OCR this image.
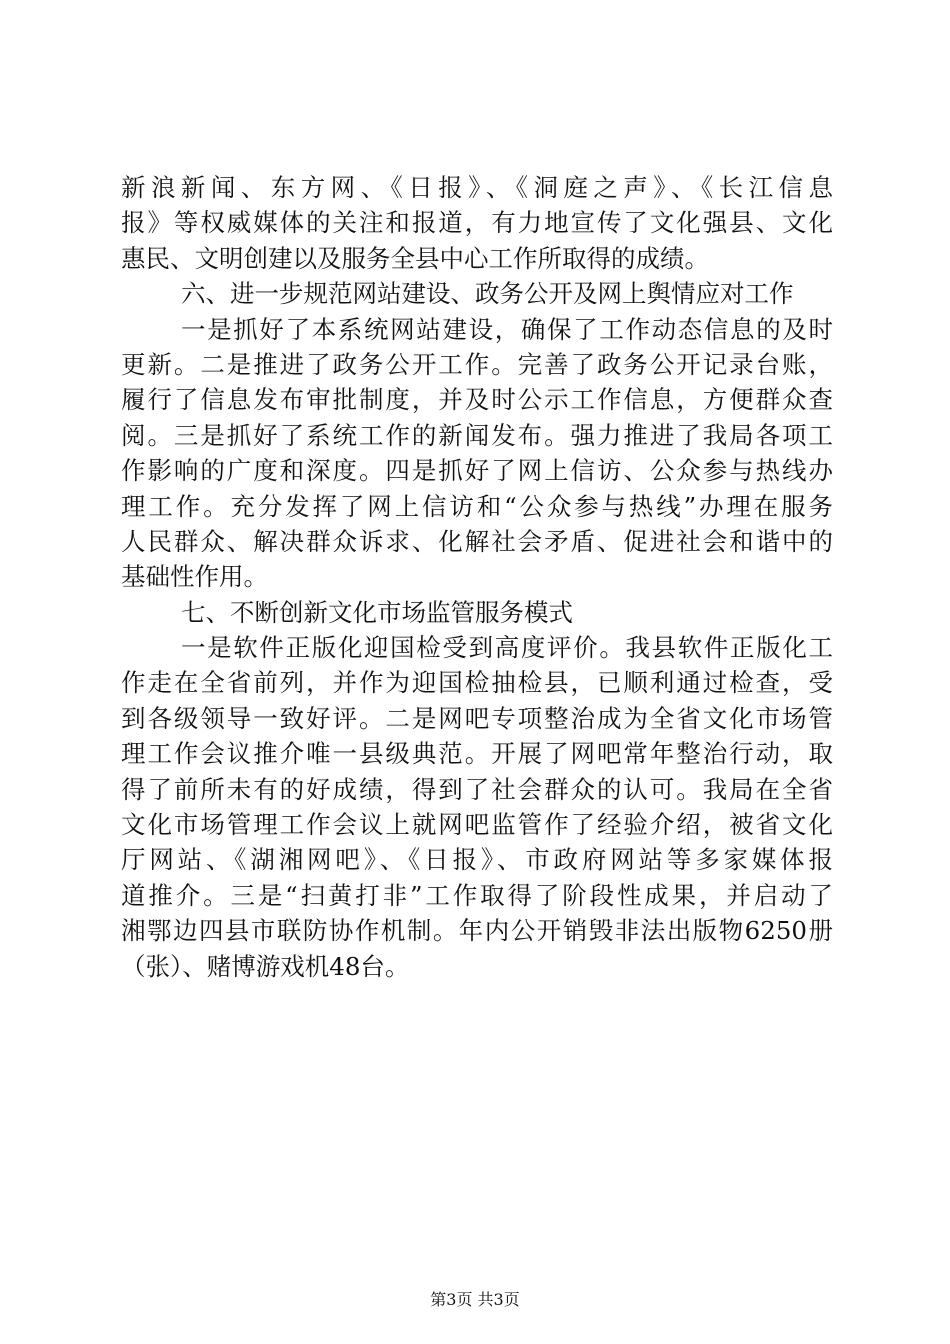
新浪新闻、东方网、《日报》、《洞庭之声》、《长江信息
报》等权威媒体的关注和报道，有力地宣传了文化强县、文化
惠民、文明创建以及服务全县中心工作所取得的成绩。
六、进一步规范网站建设、政务公开及网上舆情应对工作
一是抓好了本系统网站建设，确保了工作动态信息的及时
更新。二是推进了政务公开工作。完善了政务公开记录台账，
履行了信息发布审批制度，并及时公示工作信息，方便群众查
阅。三是抓好了系统工作的新闻发布。强力推进了我局各项工
作影响的广度和深度。四是抓好了网上信访、公众参与热线办
理工作。充分发挥了网上信访和“公众参与热线”办理在服务
人民群众、解决群众诉求、化解社会矛盾、促进社会和谐中的
基础性作用。
七、不断创新文化市场监管服务模式
一是软件正版化迎国检受到高度评价。我县软件正版化工
作走在全省前列，并作为迎国检抽检县，已顺利通过检查，受
到各级领导一致好评。二是网吧专项整治成为全省文化市场管
理工作会议推介唯一县级典范。开展了网吧常年整治行动，取
得了前所未有的好成绩，得到了社会群众的认可。我局在全省
文化市场管理工作会议上就网吧监管作了经验介绍，被省文化
厅网站、《湖湘网吧》、《日报》、市政府网站等多家媒体报
道推介。三是“扫黄打非”工作取得了阶段性成果，并启动了
湘鄂边四县市联防协作机制。年内公开销毁非法出版物6250册
（张）、赌博游戏机48台。
第3页 共3页
